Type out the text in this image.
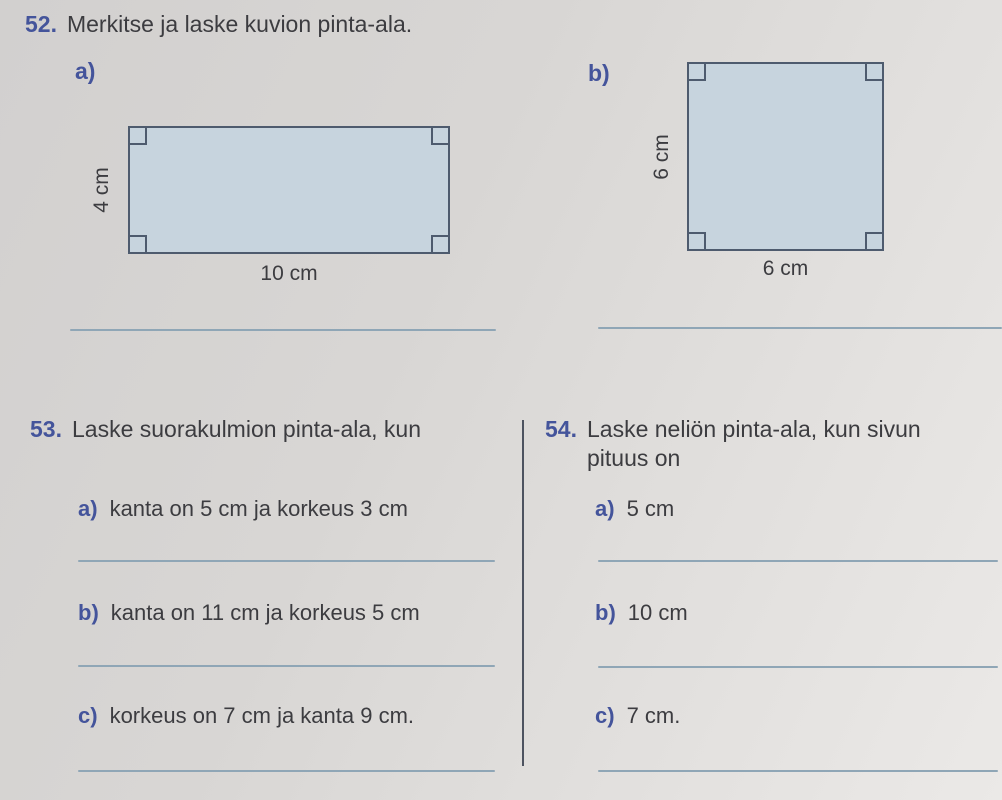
52. Merkitse ja laske kuvion pinta-ala.
a)
4 cm
10 cm
b)
6 cm
6 cm
53. Laske suorakulmion pinta-ala, kun
a) kanta on 5 cm ja korkeus 3 cm
b) kanta on 11 cm ja korkeus 5 cm
c) korkeus on 7 cm ja kanta 9 cm.
54. Laske neliön pinta-ala, kun sivun pituus on
a) 5 cm
b) 10 cm
c) 7 cm.
